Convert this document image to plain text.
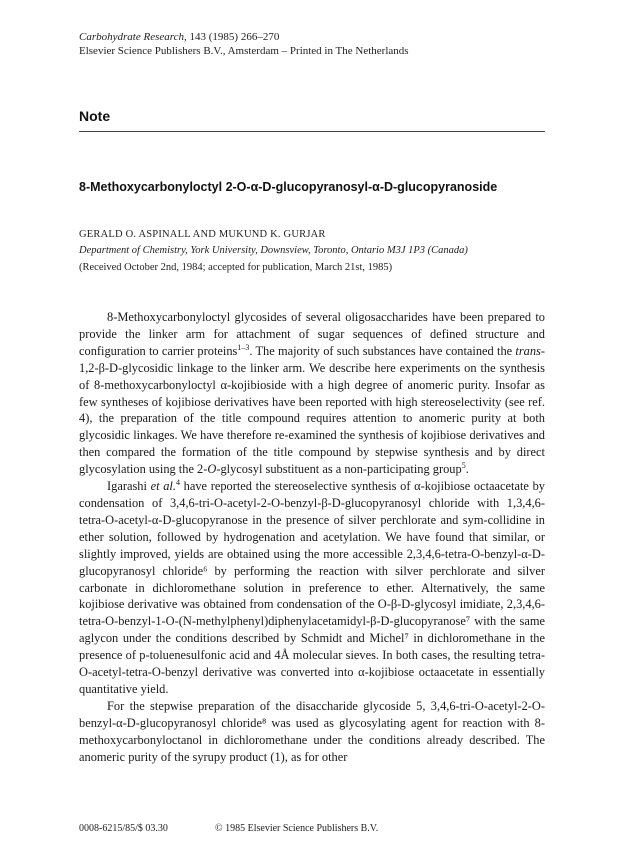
Carbohydrate Research, 143 (1985) 266–270
Elsevier Science Publishers B.V., Amsterdam – Printed in The Netherlands
Note
8-Methoxycarbonyloctyl 2-O-α-D-glucopyranosyl-α-D-glucopyranoside
GERALD O. ASPINALL AND MUKUND K. GURJAR
Department of Chemistry, York University, Downsview, Toronto, Ontario M3J 1P3 (Canada)
(Received October 2nd, 1984; accepted for publication, March 21st, 1985)

8-Methoxycarbonyloctyl glycosides of several oligosaccharides have been prepared to provide the linker arm for attachment of sugar sequences of defined structure and configuration to carrier proteins$^{1-3}$. The majority of such substances have contained the trans-1,2-β-D-glycosidic linkage to the linker arm. We describe here experiments on the synthesis of 8-methoxycarbonyloctyl α-kojibioside with a high degree of anomeric purity. Insofar as few syntheses of kojibiose derivatives have been reported with high stereoselectivity (see ref. 4), the preparation of the title compound requires attention to anomeric purity at both glycosidic linkages. We have therefore re-examined the synthesis of kojibiose derivatives and then compared the formation of the title compound by stepwise synthesis and by direct glycosylation using the 2-O-glycosyl substituent as a non-participating group$^5$.

Igarashi et al.$^4$ have reported the stereoselective synthesis of α-kojibiose octaacetate by condensation of 3,4,6-tri-O-acetyl-2-O-benzyl-β-D-glucopyranosyl chloride with 1,3,4,6-tetra-O-acetyl-α-D-glucopyranose in the presence of silver perchlorate and sym-collidine in ether solution, followed by hydrogenation and acetylation. We have found that similar, or slightly improved, yields are obtained using the more accessible 2,3,4,6-tetra-O-benzyl-α-D-glucopyranosyl chloride⁶ by performing the reaction with silver perchlorate and silver carbonate in dichloromethane solution in preference to ether. Alternatively, the same kojibiose derivative was obtained from condensation of the O-β-D-glycosyl imidiate, 2,3,4,6-tetra-O-benzyl-1-O-(N-methylphenyl)diphenylacetamidyl-β-D-glucopyranose⁷ with the same aglycon under the conditions described by Schmidt and Michel⁷ in dichloromethane in the presence of p-toluenesulfonic acid and 4Å molecular sieves. In both cases, the resulting tetra-O-acetyl-tetra-O-benzyl derivative was converted into α-kojibiose octaacetate in essentially quantitative yield.

For the stepwise preparation of the disaccharide glycoside 5, 3,4,6-tri-O-acetyl-2-O-benzyl-α-D-glucopyranosyl chloride⁸ was used as glycosylating agent for reaction with 8-methoxycarbonyloctanol in dichloromethane under the conditions already described. The anomeric purity of the syrupy product (1), as for other

0008-6215/85/$ 03.30	© 1985 Elsevier Science Publishers B.V.
